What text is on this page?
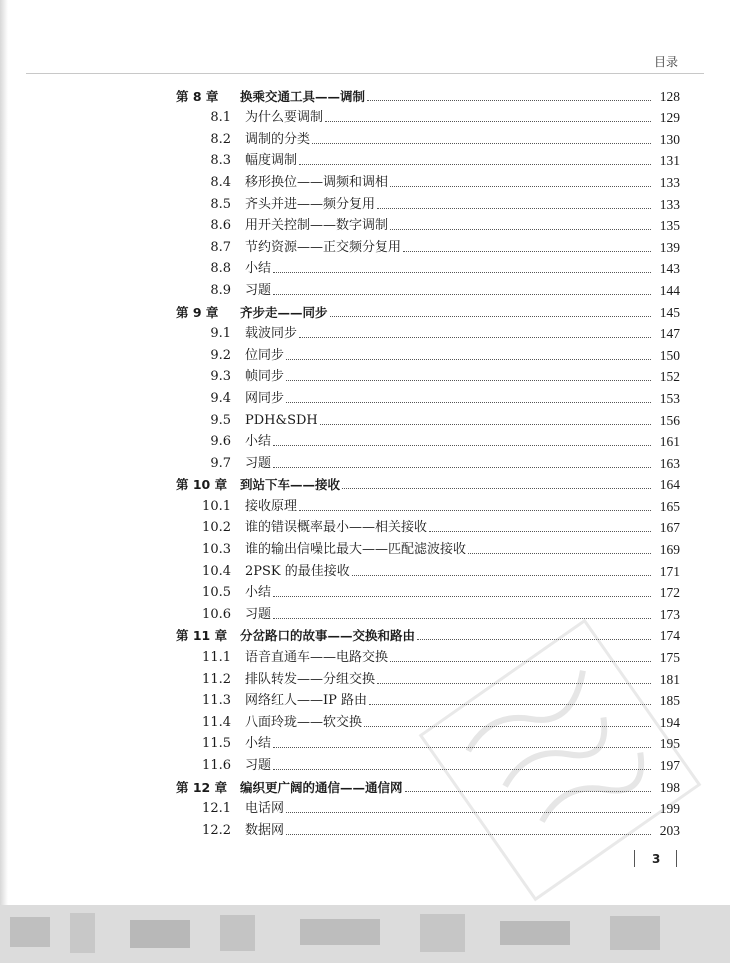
目录
第 8 章	换乘交通工具——调制	128
8.1	为什么要调制	129
8.2	调制的分类	130
8.3	幅度调制	131
8.4	移形换位——调频和调相	133
8.5	齐头并进——频分复用	133
8.6	用开关控制——数字调制	135
8.7	节约资源——正交频分复用	139
8.8	小结	143
8.9	习题	144
第 9 章	齐步走——同步	145
9.1	载波同步	147
9.2	位同步	150
9.3	帧同步	152
9.4	网同步	153
9.5	PDH&SDH	156
9.6	小结	161
9.7	习题	163
第 10 章	到站下车——接收	164
10.1	接收原理	165
10.2	谁的错误概率最小——相关接收	167
10.3	谁的输出信噪比最大——匹配滤波接收	169
10.4	2PSK 的最佳接收	171
10.5	小结	172
10.6	习题	173
第 11 章	分岔路口的故事——交换和路由	174
11.1	语音直通车——电路交换	175
11.2	排队转发——分组交换	181
11.3	网络红人——IP 路由	185
11.4	八面玲珑——软交换	194
11.5	小结	195
11.6	习题	197
第 12 章	编织更广阔的通信——通信网	198
12.1	电话网	199
12.2	数据网	203
3
